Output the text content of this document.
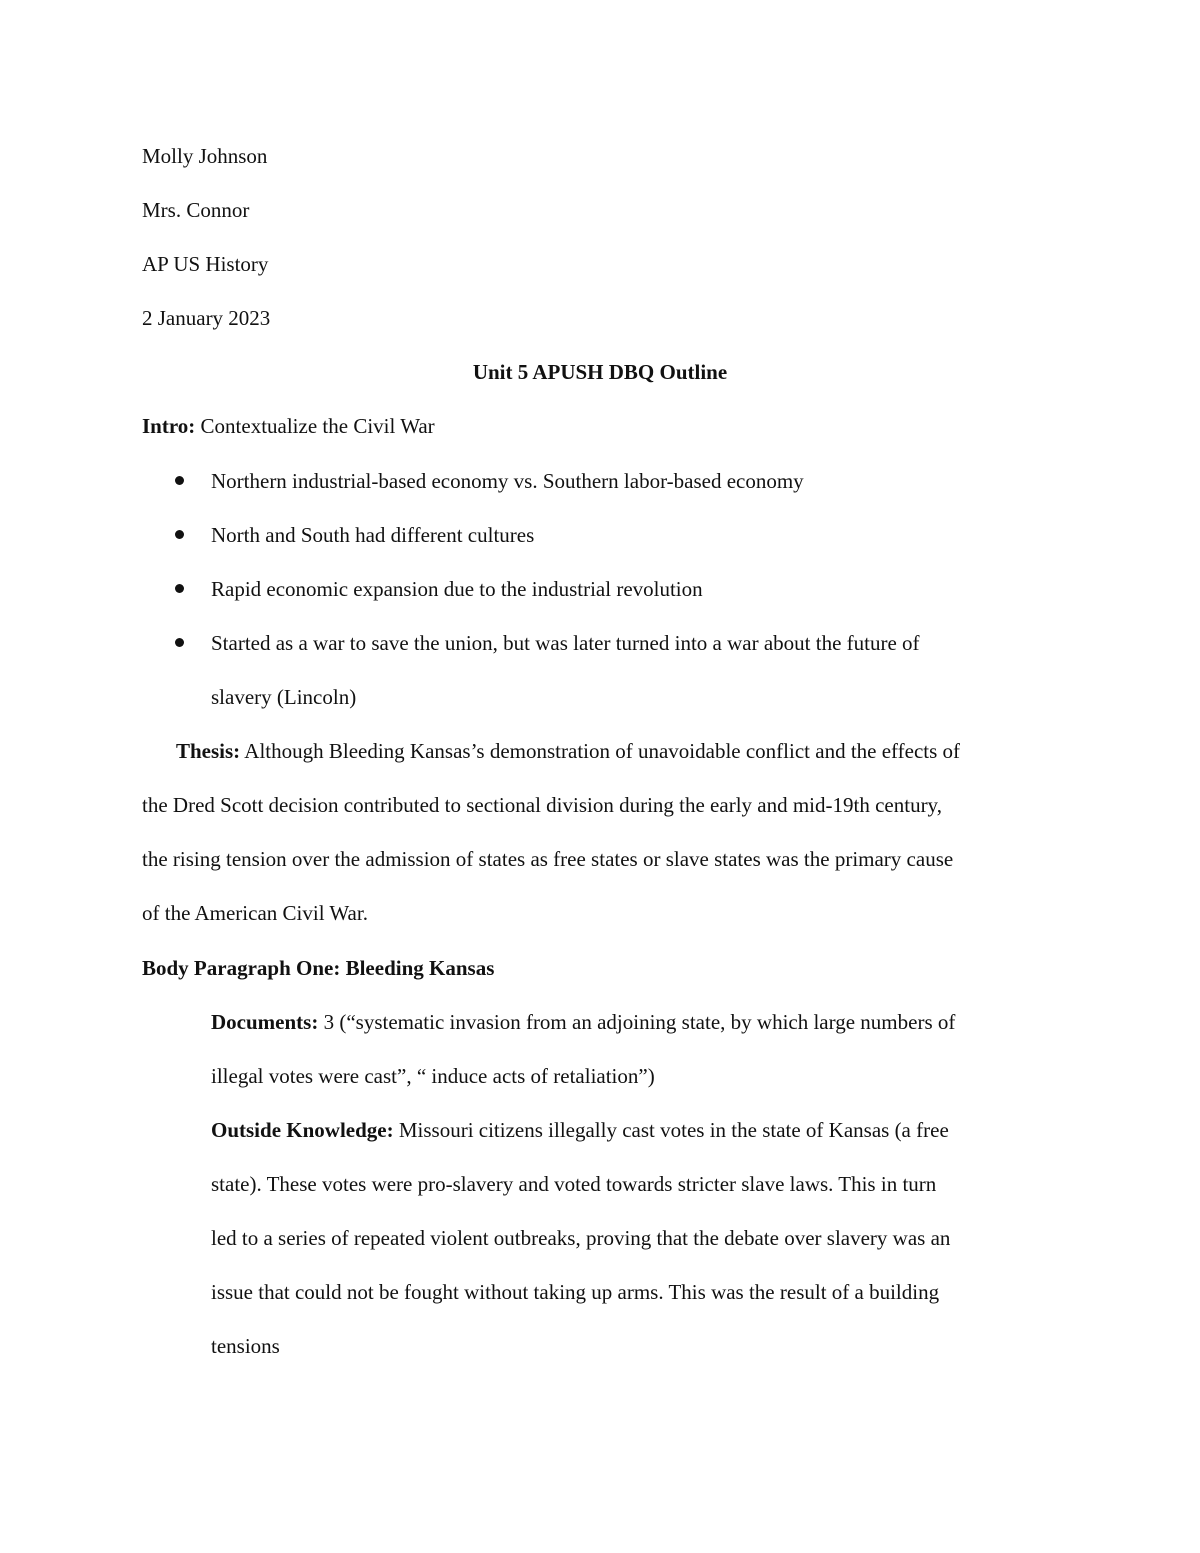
Molly Johnson
Mrs. Connor
AP US History
2 January 2023
Unit 5 APUSH DBQ Outline
Intro: Contextualize the Civil War
Northern industrial-based economy vs. Southern labor-based economy
North and South had different cultures
Rapid economic expansion due to the industrial revolution
Started as a war to save the union, but was later turned into a war about the future of
slavery (Lincoln)
Thesis: Although Bleeding Kansas’s demonstration of unavoidable conflict and the effects of
the Dred Scott decision contributed to sectional division during the early and mid-19th century,
the rising tension over the admission of states as free states or slave states was the primary cause
of the American Civil War.
Body Paragraph One: Bleeding Kansas
Documents: 3 (“systematic invasion from an adjoining state, by which large numbers of
illegal votes were cast”, “ induce acts of retaliation”)
Outside Knowledge: Missouri citizens illegally cast votes in the state of Kansas (a free
state). These votes were pro-slavery and voted towards stricter slave laws. This in turn
led to a series of repeated violent outbreaks, proving that the debate over slavery was an
issue that could not be fought without taking up arms. This was the result of a building
tensions
